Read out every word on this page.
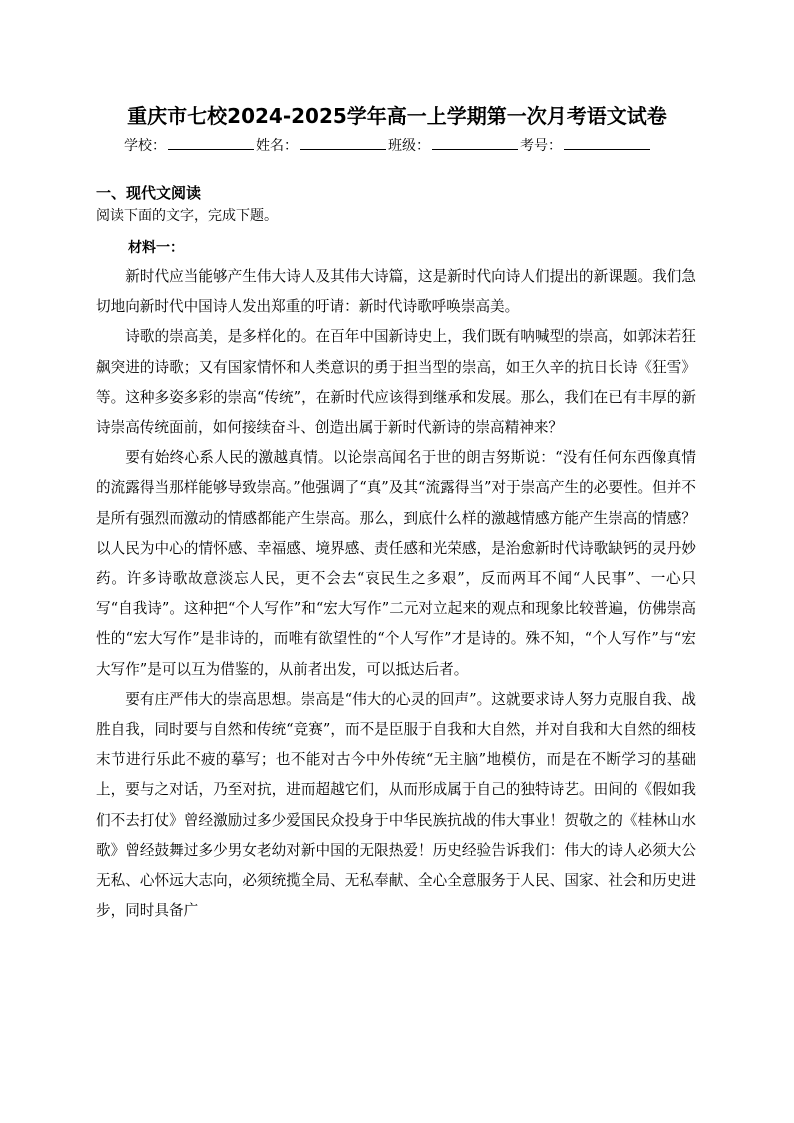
重庆市七校2024-2025学年高一上学期第一次月考语文试卷
学校：	姓名：	班级：	考号：
一、现代文阅读
阅读下面的文字，完成下题。
材料一：

新时代应当能够产生伟大诗人及其伟大诗篇，这是新时代向诗人们提出的新课题。我们急切地向新时代中国诗人发出郑重的吁请：新时代诗歌呼唤崇高美。

诗歌的崇高美，是多样化的。在百年中国新诗史上，我们既有呐喊型的崇高，如郭沫若狂飙突进的诗歌；又有国家情怀和人类意识的勇于担当型的崇高，如王久辛的抗日长诗《狂雪》等。这种多姿多彩的崇高“传统”，在新时代应该得到继承和发展。那么，我们在已有丰厚的新诗崇高传统面前，如何接续奋斗、创造出属于新时代新诗的崇高精神来？

要有始终心系人民的激越真情。以论崇高闻名于世的朗吉努斯说：“没有任何东西像真情的流露得当那样能够导致崇高。”他强调了“真”及其“流露得当”对于崇高产生的必要性。但并不是所有强烈而激动的情感都能产生崇高。那么，到底什么样的激越情感方能产生崇高的情感？以人民为中心的情怀感、幸福感、境界感、责任感和光荣感，是治愈新时代诗歌缺钙的灵丹妙药。许多诗歌故意淡忘人民，更不会去“哀民生之多艰”，反而两耳不闻“人民事”、一心只写“自我诗”。这种把“个人写作”和“宏大写作”二元对立起来的观点和现象比较普遍，仿佛崇高性的“宏大写作”是非诗的，而唯有欲望性的“个人写作”才是诗的。殊不知，“个人写作”与“宏大写作”是可以互为借鉴的，从前者出发，可以抵达后者。

要有庄严伟大的崇高思想。崇高是“伟大的心灵的回声”。这就要求诗人努力克服自我、战胜自我，同时要与自然和传统“竞赛”，而不是臣服于自我和大自然，并对自我和大自然的细枝末节进行乐此不疲的摹写；也不能对古今中外传统“无主脑”地模仿，而是在不断学习的基础上，要与之对话，乃至对抗，进而超越它们，从而形成属于自己的独特诗艺。田间的《假如我们不去打仗》曾经激励过多少爱国民众投身于中华民族抗战的伟大事业！贺敬之的《桂林山水歌》曾经鼓舞过多少男女老幼对新中国的无限热爱！历史经验告诉我们：伟大的诗人必须大公无私、心怀远大志向，必须统揽全局、无私奉献、全心全意服务于人民、国家、社会和历史进步，同时具备广
